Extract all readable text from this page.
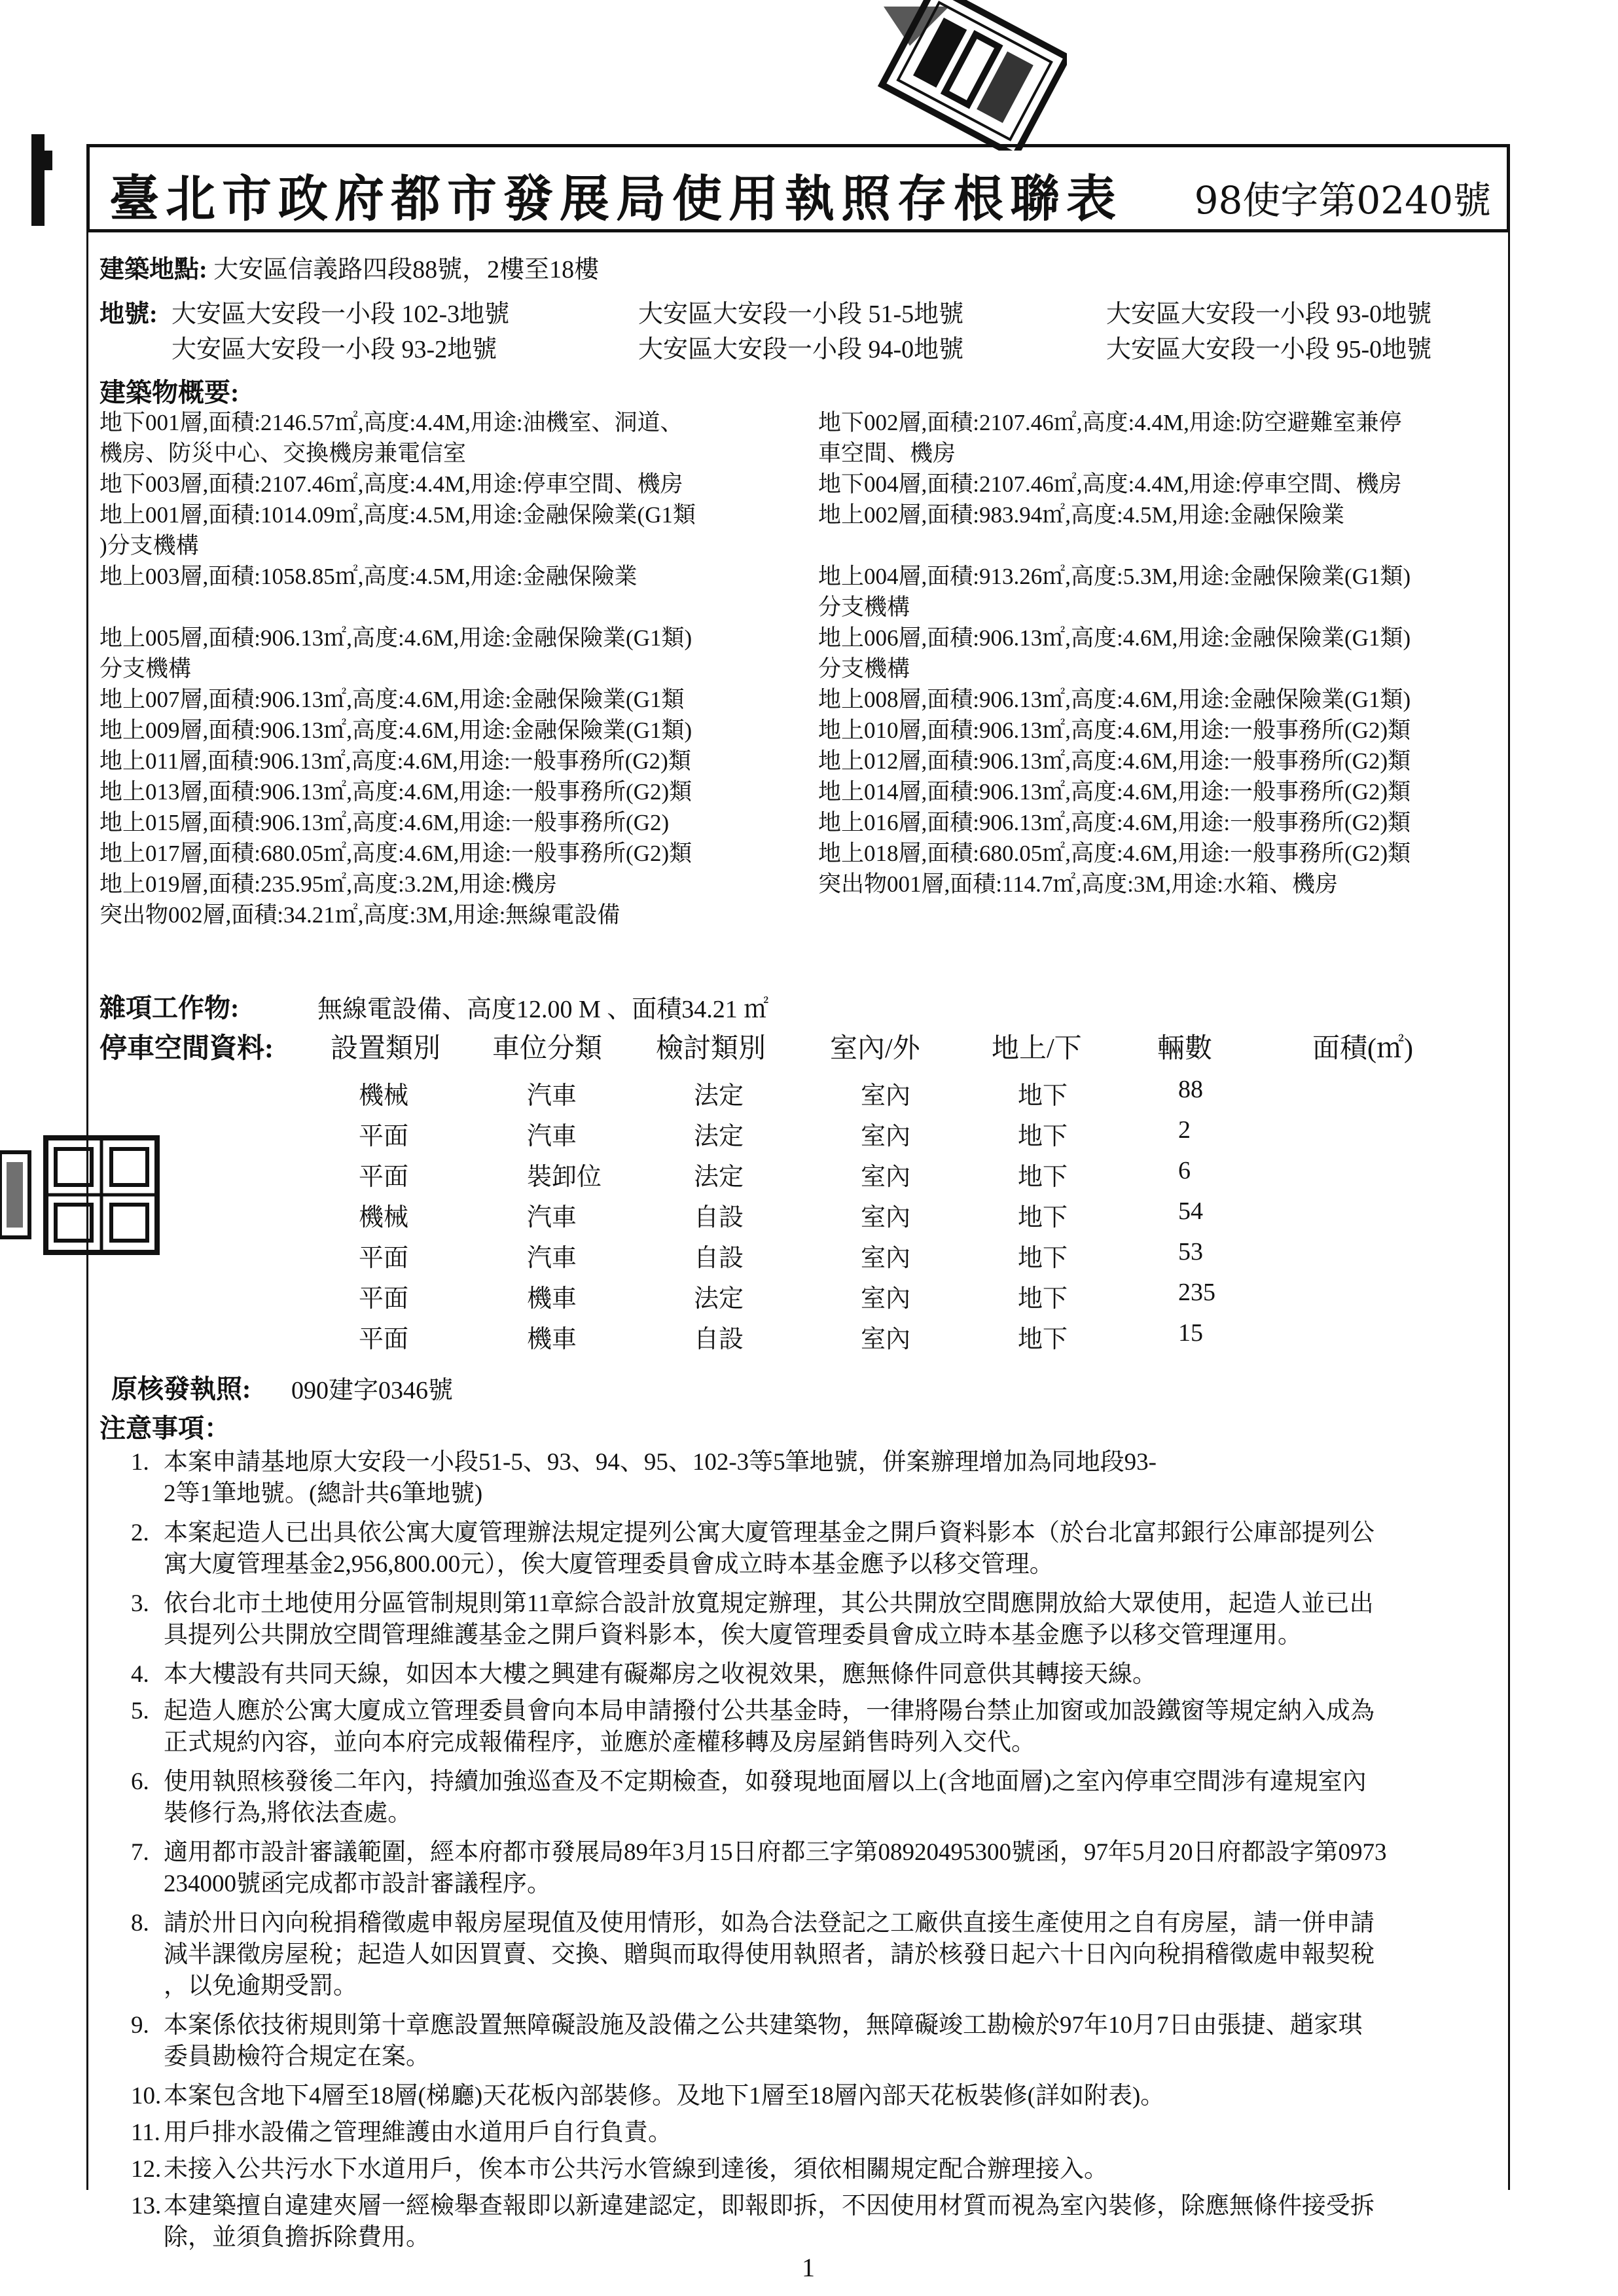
臺北市政府都市發展局使用執照存根聯表 98使字第0240號
建築地點: 大安區信義路四段88號，2樓至18樓
地號: 大安區大安段一小段 102-3地號	大安區大安段一小段 51-5地號	大安區大安段一小段 93-0地號
大安區大安段一小段 93-2地號	大安區大安段一小段 94-0地號	大安區大安段一小段 95-0地號
建築物概要:
地下001層,面積:2146.57㎡,高度:4.4M,用途:油機室、洞道、
機房、防災中心、交換機房兼電信室
地下003層,面積:2107.46㎡,高度:4.4M,用途:停車空間、機房
地上001層,面積:1014.09㎡,高度:4.5M,用途:金融保險業(G1類
)分支機構
地上003層,面積:1058.85㎡,高度:4.5M,用途:金融保險業

地上005層,面積:906.13㎡,高度:4.6M,用途:金融保險業(G1類)
分支機構
地上007層,面積:906.13㎡,高度:4.6M,用途:金融保險業(G1類
地上009層,面積:906.13㎡,高度:4.6M,用途:金融保險業(G1類)
地上011層,面積:906.13㎡,高度:4.6M,用途:一般事務所(G2)類
地上013層,面積:906.13㎡,高度:4.6M,用途:一般事務所(G2)類
地上015層,面積:906.13㎡,高度:4.6M,用途:一般事務所(G2)
地上017層,面積:680.05㎡,高度:4.6M,用途:一般事務所(G2)類
地上019層,面積:235.95㎡,高度:3.2M,用途:機房
突出物002層,面積:34.21㎡,高度:3M,用途:無線電設備
地下002層,面積:2107.46㎡,高度:4.4M,用途:防空避難室兼停
車空間、機房
地下004層,面積:2107.46㎡,高度:4.4M,用途:停車空間、機房
地上002層,面積:983.94㎡,高度:4.5M,用途:金融保險業

地上004層,面積:913.26㎡,高度:5.3M,用途:金融保險業(G1類)
分支機構
地上006層,面積:906.13㎡,高度:4.6M,用途:金融保險業(G1類)
分支機構
地上008層,面積:906.13㎡,高度:4.6M,用途:金融保險業(G1類)
地上010層,面積:906.13㎡,高度:4.6M,用途:一般事務所(G2)類
地上012層,面積:906.13㎡,高度:4.6M,用途:一般事務所(G2)類
地上014層,面積:906.13㎡,高度:4.6M,用途:一般事務所(G2)類
地上016層,面積:906.13㎡,高度:4.6M,用途:一般事務所(G2)類
地上018層,面積:680.05㎡,高度:4.6M,用途:一般事務所(G2)類
突出物001層,面積:114.7㎡,高度:3M,用途:水箱、機房

雜項工作物:	無線電設備、高度12.00 M 、面積34.21 ㎡
停車空間資料: 設置類別 車位分類 檢討類別 室內/外	地上/下	輛數	面積(㎡)
機械	汽車	法定	室內	地下	88
平面	汽車	法定	室內	地下	2
平面	裝卸位	法定	室內	地下	6
機械	汽車	自設	室內	地下	54
平面	汽車	自設	室內	地下	53
平面	機車	法定	室內	地下	235
平面	機車	自設	室內	地下	15
原核發執照: 090建字0346號
注意事項：
1. 本案申請基地原大安段一小段51-5、93、94、95、102-3等5筆地號，併案辦理增加為同地段93-
2等1筆地號。(總計共6筆地號)
2. 本案起造人已出具依公寓大廈管理辦法規定提列公寓大廈管理基金之開戶資料影本（於台北富邦銀行公庫部提列公
寓大廈管理基金2,956,800.00元），俟大廈管理委員會成立時本基金應予以移交管理。
3. 依台北市土地使用分區管制規則第11章綜合設計放寬規定辦理，其公共開放空間應開放給大眾使用，起造人並已出
具提列公共開放空間管理維護基金之開戶資料影本，俟大廈管理委員會成立時本基金應予以移交管理運用。
4. 本大樓設有共同天線，如因本大樓之興建有礙鄰房之收視效果，應無條件同意供其轉接天線。
5. 起造人應於公寓大廈成立管理委員會向本局申請撥付公共基金時，一律將陽台禁止加窗或加設鐵窗等規定納入成為
正式規約內容，並向本府完成報備程序，並應於產權移轉及房屋銷售時列入交代。
6. 使用執照核發後二年內，持續加強巡查及不定期檢查，如發現地面層以上(含地面層)之室內停車空間涉有違規室內
裝修行為,將依法查處。
7. 適用都市設計審議範圍，經本府都市發展局89年3月15日府都三字第08920495300號函，97年5月20日府都設字第0973
234000號函完成都市設計審議程序。
8. 請於卅日內向稅捐稽徵處申報房屋現值及使用情形，如為合法登記之工廠供直接生產使用之自有房屋，請一併申請
減半課徵房屋稅；起造人如因買賣、交換、贈與而取得使用執照者，請於核發日起六十日內向稅捐稽徵處申報契稅
，以免逾期受罰。
9. 本案係依技術規則第十章應設置無障礙設施及設備之公共建築物，無障礙竣工勘檢於97年10月7日由張捷、趙家琪
委員勘檢符合規定在案。
10. 本案包含地下4層至18層(梯廳)天花板內部裝修。及地下1層至18層內部天花板裝修(詳如附表)。
11. 用戶排水設備之管理維護由水道用戶自行負責。
12. 未接入公共污水下水道用戶，俟本市公共污水管線到達後，須依相關規定配合辦理接入。
13. 本建築擅自違建夾層一經檢舉查報即以新違建認定，即報即拆，不因使用材質而視為室內裝修，除應無條件接受拆
除，並須負擔拆除費用。
1
